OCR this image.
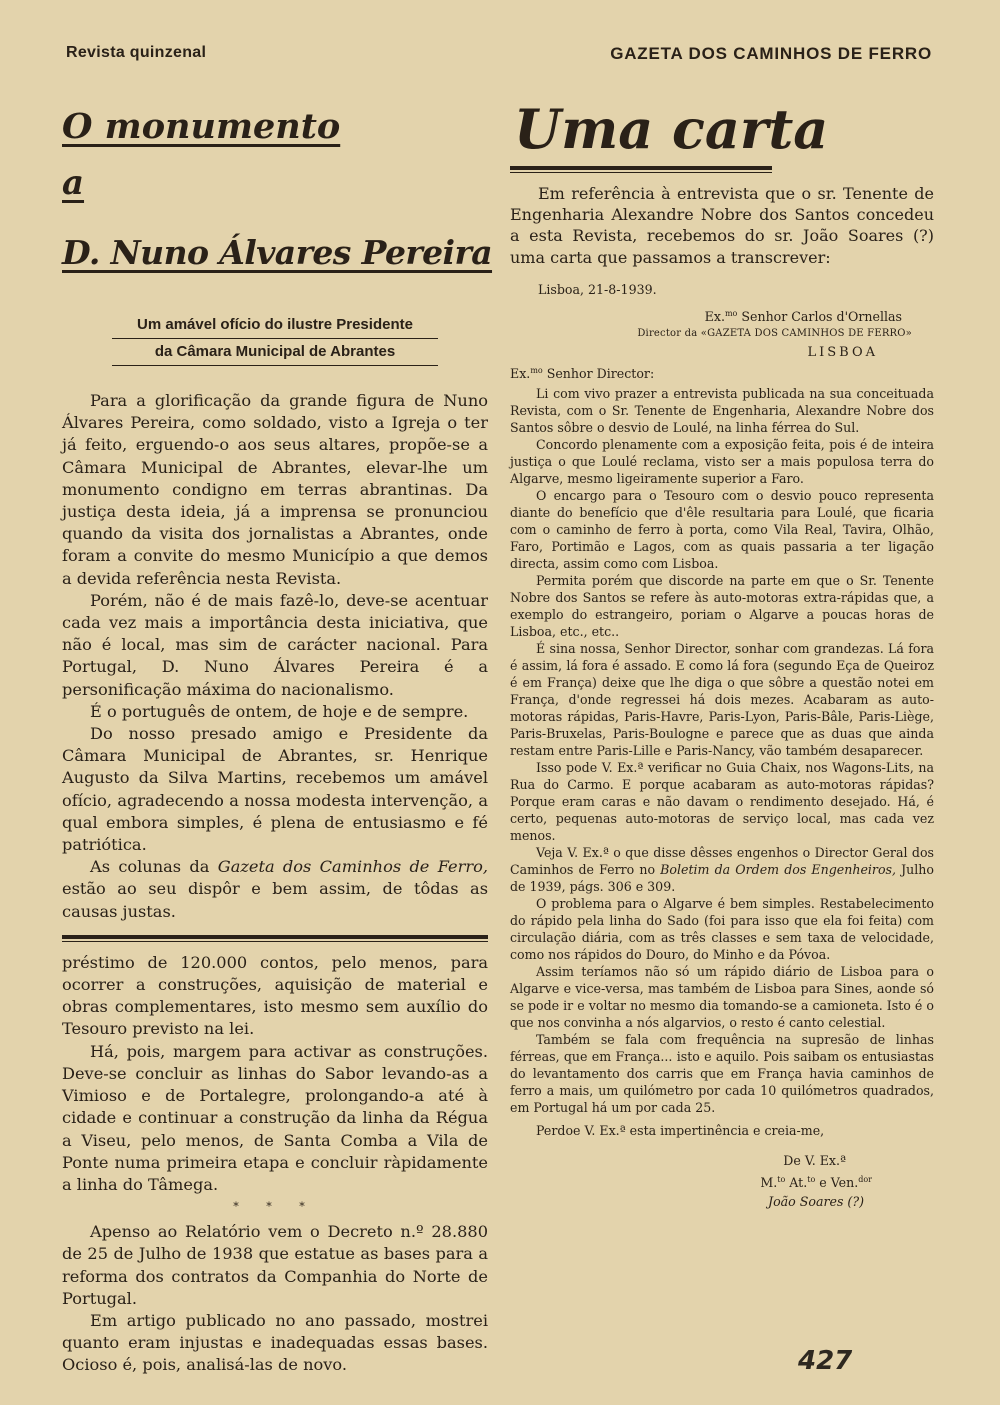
Revista quinzenal	GAZETA DOS CAMINHOS DE FERRO
O monumento
a
D. Nuno Álvares Pereira
Um amável ofício do ilustre Presidente
da Câmara Municipal de Abrantes

Para a glorificação da grande figura de Nuno Álvares Pereira, como soldado, visto a Igreja o ter já feito, erguendo-o aos seus altares, propõe-se a Câmara Municipal de Abrantes, elevar-lhe um monumento condigno em terras abrantinas. Da justiça desta ideia, já a imprensa se pronunciou quando da visita dos jornalistas a Abrantes, onde foram a convite do mesmo Município a que demos a devida referência nesta Revista.

Porém, não é de mais fazê-lo, deve-se acentuar cada vez mais a importância desta iniciativa, que não é local, mas sim de carácter nacional. Para Portugal, D. Nuno Álvares Pereira é a personificação máxima do nacionalismo.

É o português de ontem, de hoje e de sempre.

Do nosso presado amigo e Presidente da Câmara Municipal de Abrantes, sr. Henrique Augusto da Silva Martins, recebemos um amável ofício, agradecendo a nossa modesta intervenção, a qual embora simples, é plena de entusiasmo e fé patriótica.

As colunas da Gazeta dos Caminhos de Ferro, estão ao seu dispôr e bem assim, de tôdas as causas justas.

préstimo de 120.000 contos, pelo menos, para ocorrer a construções, aquisição de material e obras complementares, isto mesmo sem auxílio do Tesouro previsto na lei.

Há, pois, margem para activar as construções. Deve-se concluir as linhas do Sabor levando-as a Vimioso e de Portalegre, prolongando-a até à cidade e continuar a construção da linha da Régua a Viseu, pelo menos, de Santa Comba a Vila de Ponte numa primeira etapa e concluir ràpidamente a linha do Tâmega.

* * *

Apenso ao Relatório vem o Decreto n.º 28.880 de 25 de Julho de 1938 que estatue as bases para a reforma dos contratos da Companhia do Norte de Portugal.

Em artigo publicado no ano passado, mostrei quanto eram injustas e inadequadas essas bases. Ocioso é, pois, analisá-las de novo.

Uma carta

Em referência à entrevista que o sr. Tenente de Engenharia Alexandre Nobre dos Santos concedeu a esta Revista, recebemos do sr. João Soares (?) uma carta que passamos a transcrever:

Lisboa, 21-8-1939.
Ex.$^{mo}$ Senhor Carlos d'Ornellas
Director da «GAZETA DOS CAMINHOS DE FERRO»
LISBOA
Ex.$^{mo}$ Senhor Director:

Li com vivo prazer a entrevista publicada na sua conceituada Revista, com o Sr. Tenente de Engenharia, Alexandre Nobre dos Santos sôbre o desvio de Loulé, na linha férrea do Sul.

Concordo plenamente com a exposição feita, pois é de inteira justiça o que Loulé reclama, visto ser a mais populosa terra do Algarve, mesmo ligeiramente superior a Faro.

O encargo para o Tesouro com o desvio pouco representa diante do benefício que d'êle resultaria para Loulé, que ficaria com o caminho de ferro à porta, como Vila Real, Tavira, Olhão, Faro, Portimão e Lagos, com as quais passaria a ter ligação directa, assim como com Lisboa.

Permita porém que discorde na parte em que o Sr. Tenente Nobre dos Santos se refere às auto-motoras extra-rápidas que, a exemplo do estrangeiro, poriam o Algarve a poucas horas de Lisboa, etc., etc..

É sina nossa, Senhor Director, sonhar com grandezas. Lá fora é assim, lá fora é assado. E como lá fora (segundo Eça de Queiroz é em França) deixe que lhe diga o que sôbre a questão notei em França, d'onde regressei há dois mezes. Acabaram as auto-motoras rápidas, Paris-Havre, Paris-Lyon, Paris-Bâle, Paris-Liège, Paris-Bruxelas, Paris-Boulogne e parece que as duas que ainda restam entre Paris-Lille e Paris-Nancy, vão também desaparecer.

Isso pode V. Ex.ª verificar no Guia Chaix, nos Wagons-Lits, na Rua do Carmo. E porque acabaram as auto-motoras rápidas? Porque eram caras e não davam o rendimento desejado. Há, é certo, pequenas auto-motoras de serviço local, mas cada vez menos.

Veja V. Ex.ª o que disse dêsses engenhos o Director Geral dos Caminhos de Ferro no Boletim da Ordem dos Engenheiros, Julho de 1939, págs. 306 e 309.

O problema para o Algarve é bem simples. Restabelecimento do rápido pela linha do Sado (foi para isso que ela foi feita) com circulação diária, com as três classes e sem taxa de velocidade, como nos rápidos do Douro, do Minho e da Póvoa.

Assim teríamos não só um rápido diário de Lisboa para o Algarve e vice-versa, mas também de Lisboa para Sines, aonde só se pode ir e voltar no mesmo dia tomando-se a camioneta. Isto é o que nos convinha a nós algarvios, o resto é canto celestial.

Também se fala com frequência na supresão de linhas férreas, que em França... isto e aquilo. Pois saibam os entusiastas do levantamento dos carris que em França havia caminhos de ferro a mais, um quilómetro por cada 10 quilómetros quadrados, em Portugal há um por cada 25.

Perdoe V. Ex.ª esta impertinência e creia-me,

De V. Ex.ª
M.$^{to}$ At.$^{to}$ e Ven.$^{dor}$
João Soares (?)
427
